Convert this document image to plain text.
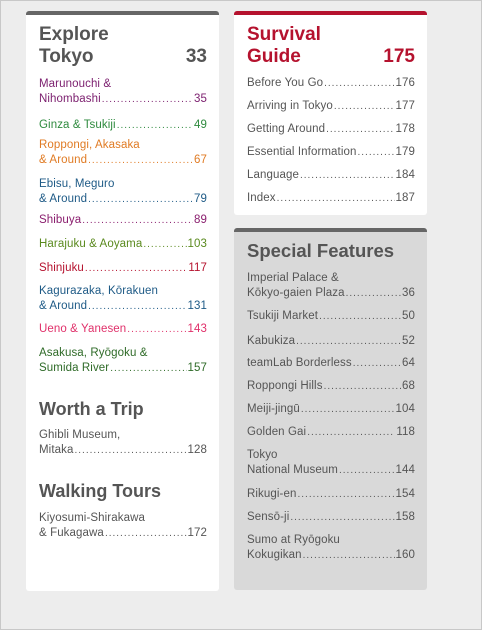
Explore
Tokyo	33
Marunouchi &
Nihombashi .....	35
Ginza & Tsukiji .....	49
Roppongi, Akasaka
& Around .....	67
Ebisu, Meguro
& Around .....	79
Shibuya .....	89
Harajuku & Aoyama .....	103
Shinjuku .....	117
Kagurazaka, Kōrakuen
& Around .....	131
Ueno & Yanesen .....	143
Asakusa, Ryōgoku &
Sumida River .....	157
Worth a Trip
Ghibli Museum,
Mitaka .....	128
Walking Tours
Kiyosumi-Shirakawa
& Fukagawa .....	172
Survival
Guide	175
Before You Go .....	176
Arriving in Tokyo .....	177
Getting Around .....	178
Essential Information .....	179
Language .....	184
Index .....	187
Special Features
Imperial Palace &
Kōkyo-gaien Plaza .....	36
Tsukiji Market .....	50
Kabukiza .....	52
teamLab Borderless .....	64
Roppongi Hills .....	68
Meiji-jingū .....	104
Golden Gai .....	118
Tokyo
National Museum .....	144
Rikugi-en .....	154
Sensō-ji .....	158
Sumo at Ryōgoku
Kokugikan .....	160
